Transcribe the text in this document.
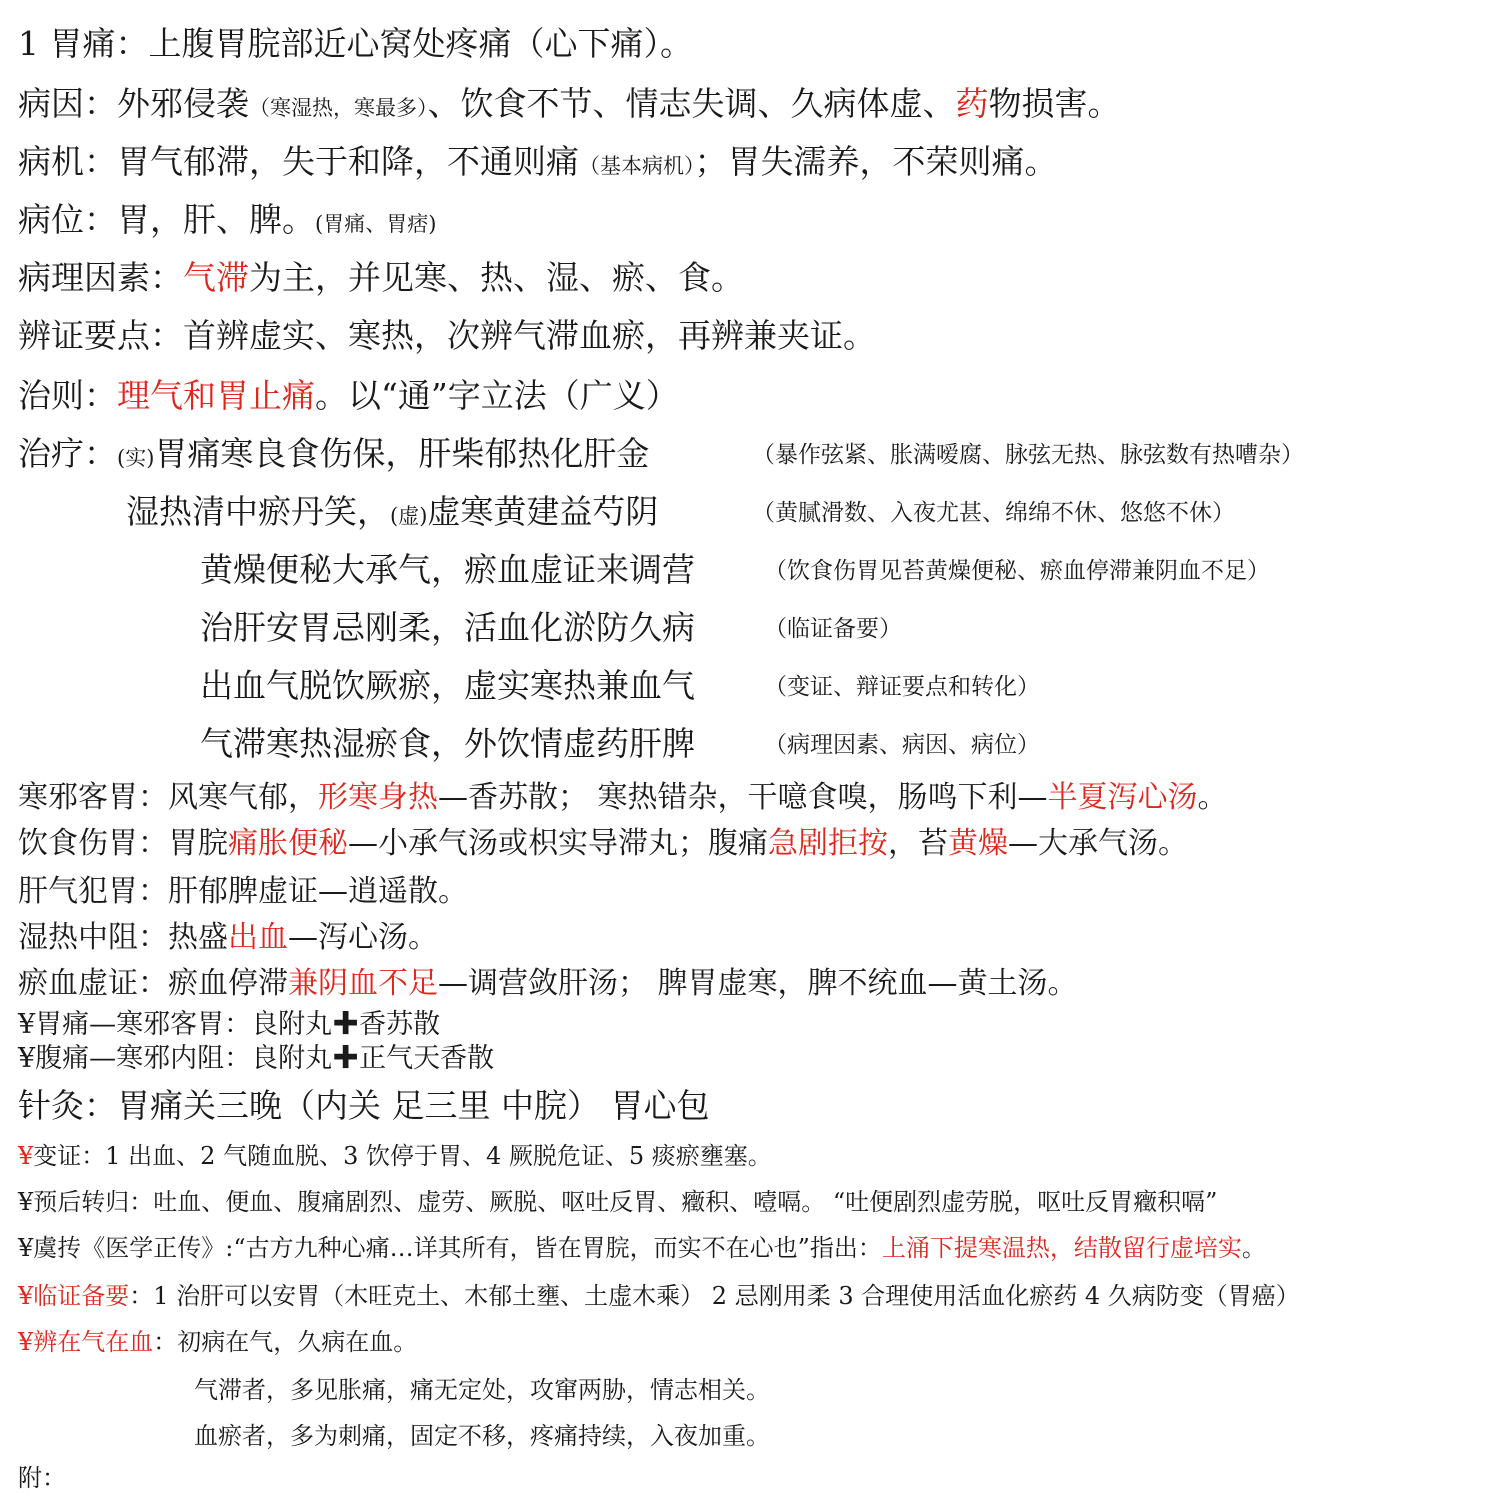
1 胃痛：上腹胃脘部近心窝处疼痛（心下痛）。
病因：外邪侵袭（寒湿热，寒最多）、饮食不节、情志失调、久病体虚、药物损害。
病机：胃气郁滞，失于和降，不通则痛（基本病机）；胃失濡养，不荣则痛。
病位：胃，肝、脾。(胃痛、胃痞)
病理因素：气滞为主，并见寒、热、湿、瘀、食。
辨证要点：首辨虚实、寒热，次辨气滞血瘀，再辨兼夹证。
治则：理气和胃止痛。以“通”字立法（广义）
治疗：(实)胃痛寒良食伤保，肝柴郁热化肝金
湿热清中瘀丹笑，(虚)虚寒黄建益芍阴
黄燥便秘大承气，瘀血虚证来调营
治肝安胃忌刚柔，活血化淤防久病
出血气脱饮厥瘀，虚实寒热兼血气
气滞寒热湿瘀食，外饮情虚药肝脾
寒邪客胃：风寒气郁，形寒身热—香苏散； 寒热错杂，干噫食嗅，肠鸣下利—半夏泻心汤。
饮食伤胃：胃脘痛胀便秘—小承气汤或枳实导滞丸；腹痛急剧拒按，苔黄燥—大承气汤。
肝气犯胃：肝郁脾虚证—逍遥散。
湿热中阻：热盛出血—泻心汤。
瘀血虚证：瘀血停滞兼阴血不足—调营敛肝汤； 脾胃虚寒，脾不统血—黄土汤。
¥胃痛—寒邪客胃：良附丸✚香苏散
¥腹痛—寒邪内阻：良附丸✚正气天香散
针灸：胃痛关三晚（内关 足三里 中脘） 胃心包
¥变证：1 出血、2 气随血脱、3 饮停于胃、4 厥脱危证、5 痰瘀壅塞。
¥预后转归：吐血、便血、腹痛剧烈、虚劳、厥脱、呕吐反胃、癥积、噎嗝。 “吐便剧烈虚劳脱，呕吐反胃癥积嗝”
¥虞抟《医学正传》:“古方九种心痛…详其所有，皆在胃脘，而实不在心也”指出：上涌下提寒温热，结散留行虚培实。
¥临证备要：1 治肝可以安胃（木旺克土、木郁土壅、土虚木乘） 2 忌刚用柔 3 合理使用活血化瘀药 4 久病防变（胃癌）
¥辨在气在血：初病在气，久病在血。
气滞者，多见胀痛，痛无定处，攻窜两胁，情志相关。
血瘀者，多为刺痛，固定不移，疼痛持续，入夜加重。
附：
（暴作弦紧、胀满嗳腐、脉弦无热、脉弦数有热嘈杂）
（黄腻滑数、入夜尤甚、绵绵不休、悠悠不休）
（饮食伤胃见苔黄燥便秘、瘀血停滞兼阴血不足）
（临证备要）
（变证、辩证要点和转化）
（病理因素、病因、病位）
